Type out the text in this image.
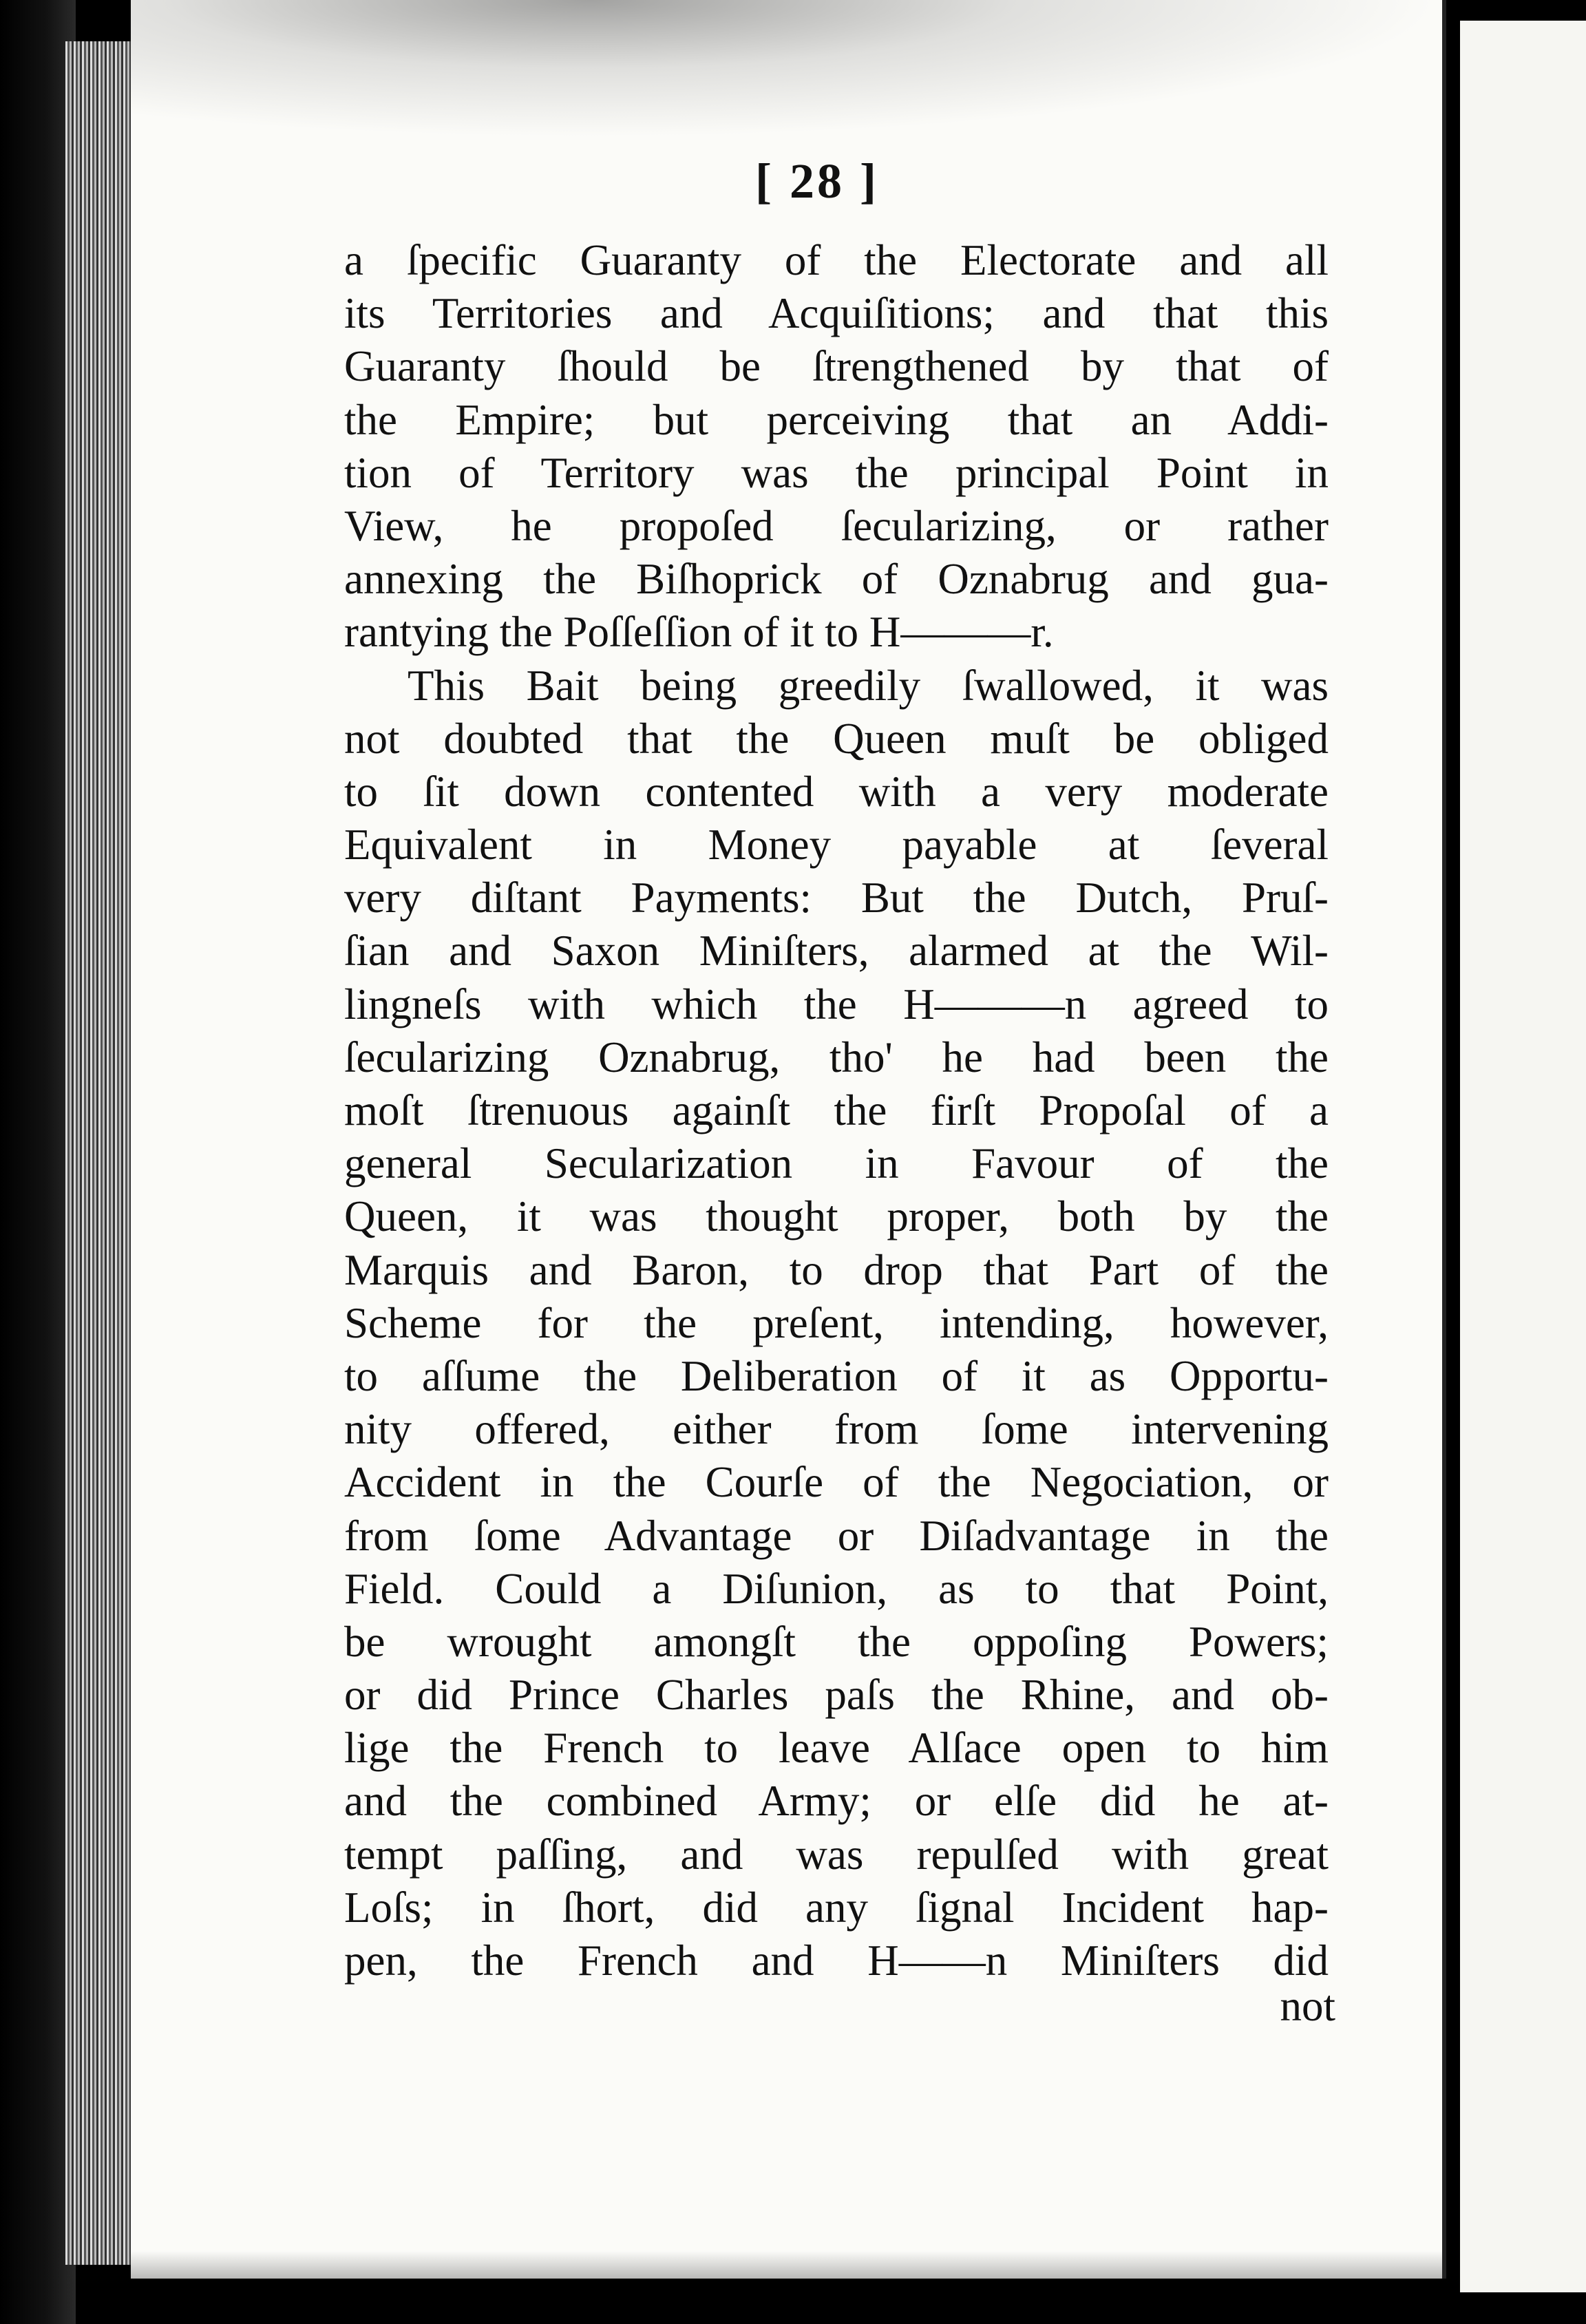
[ 28 ]

a ſpecific Guaranty of the Electorate and all
its Territories and Acquiſitions; and that this
Guaranty ſhould be ſtrengthened by that of
the Empire; but perceiving that an Addi-
tion of Territory was the principal Point in
View, he propoſed ſecularizing, or rather
annexing the Biſhoprick of Oznabrug and gua-
rantying the Poſſeſſion of it to H———r.
This Bait being greedily ſwallowed, it was
not doubted that the Queen muſt be obliged
to ſit down contented with a very moderate
Equivalent in Money payable at ſeveral
very diſtant Payments: But the Dutch, Pruſ-
ſian and Saxon Miniſters, alarmed at the Wil-
lingneſs with which the H———n agreed to
ſecularizing Oznabrug, tho' he had been the
moſt ſtrenuous againſt the firſt Propoſal of a
general Secularization in Favour of the
Queen, it was thought proper, both by the
Marquis and Baron, to drop that Part of the
Scheme for the preſent, intending, however,
to aſſume the Deliberation of it as Opportu-
nity offered, either from ſome intervening
Accident in the Courſe of the Negociation, or
from ſome Advantage or Diſadvantage in the
Field. Could a Diſunion, as to that Point,
be wrought amongſt the oppoſing Powers;
or did Prince Charles paſs the Rhine, and ob-
lige the French to leave Alſace open to him
and the combined Army; or elſe did he at-
tempt paſſing, and was repulſed with great
Loſs; in ſhort, did any ſignal Incident hap-
pen, the French and H——n Miniſters did

not
